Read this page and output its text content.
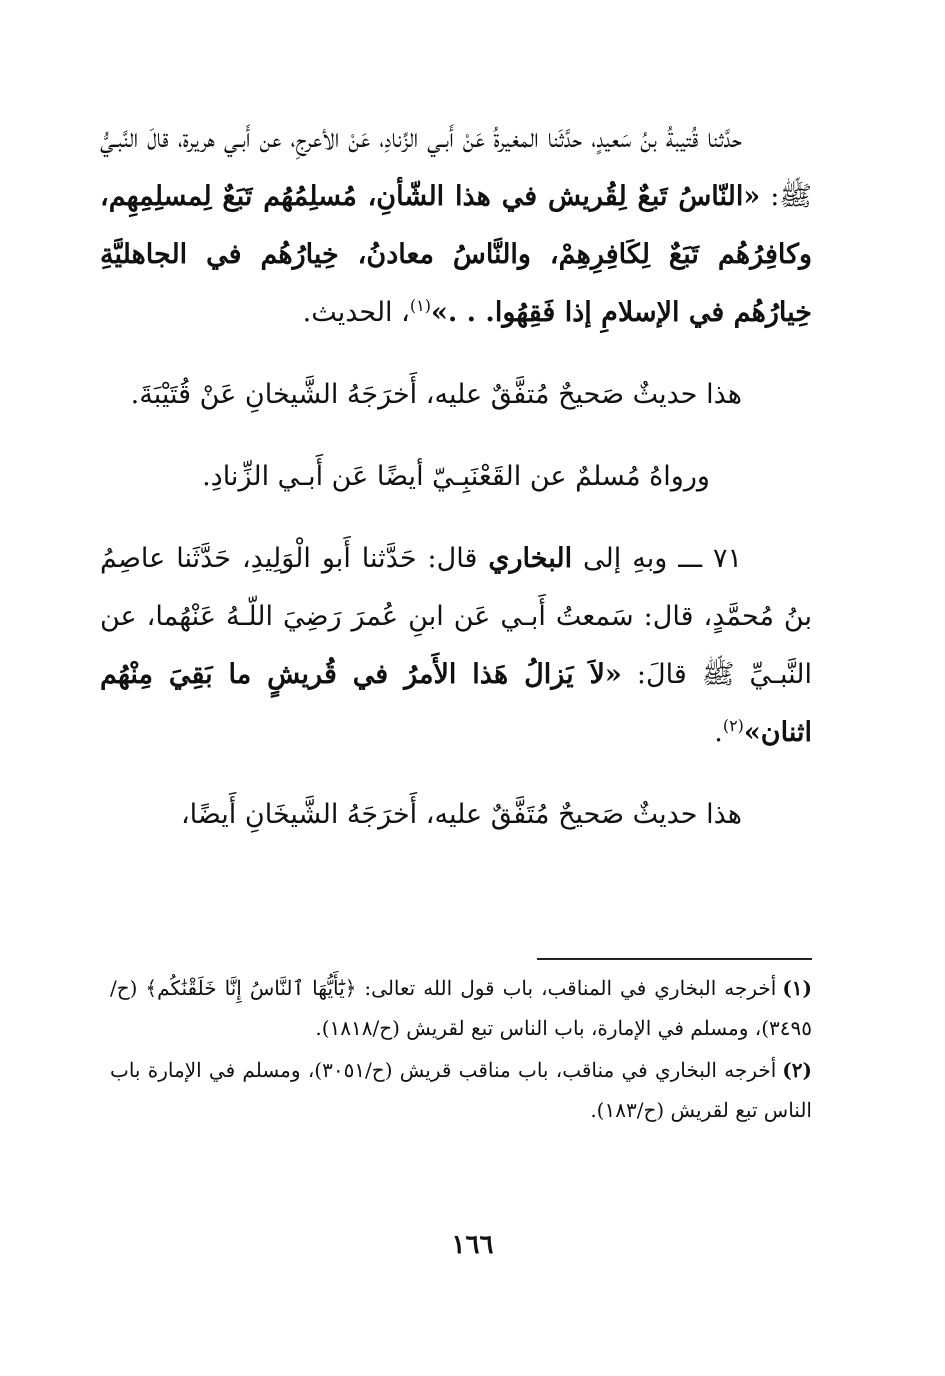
حدَّثنا قُتيبةُ بنُ سَعيدٍ، حدَّثَنا المغيرةُ عَنْ أَبـي الزِّنادِ، عَنْ الأعرجِ، عن أَبـي هريرة، قالَ النَّبـيُّ ﷺ: «النّاسُ تَبعٌ لِقُريش في هذا الشّأنِ، مُسلِمُهُم تَبَعٌ لِمسلِمِهِم، وكافِرُهُم تَبَعٌ لِكَافِرِهِمْ، والنَّاسُ معادنُ، خِيارُهُم في الجاهليَّةِ خِيارُهُم في الإسلامِ إذا فَقِهُوا. . .»$^{(١)}$، الحديث.

هذا حديثٌ صَحيحٌ مُتفَّقٌ عليه، أَخرَجَهُ الشَّيخانِ عَنْ قُتَيْبَةَ.

ورواهُ مُسلمٌ عن القَعْنَبِـيّ أيضًا عَن أَبـي الزِّنادِ.

٧١ ـــ وبهِ إلى البخاري قال: حَدَّثنا أَبو الْوَلِيدِ، حَدَّثَنا عاصِمُ بنُ مُحمَّدٍ، قال: سَمعتُ أَبـي عَن ابنِ عُمرَ رَضِيَ اللّـهُ عَنْهُما، عن النَّبـيِّ ﷺ قالَ: «لاَ يَزالُ هَذا الأَمرُ في قُريشٍ ما بَقِيَ مِنْهُم اثنان»$^{(٢)}$.

هذا حديثٌ صَحيحٌ مُتَفَّقٌ عليه، أَخرَجَهُ الشَّيخَانِ أَيضًا،

(١)أخرجه البخاري في المناقب، باب قول الله تعالى: ﴿يَٰٓأَيُّهَا ٱلنَّاسُ إِنَّا خَلَقْنَٰكُم﴾ (ح/٣٤٩٥)، ومسلم في الإمارة، باب الناس تبع لقريش (ح/١٨١٨).

(٢)أخرجه البخاري في مناقب، باب مناقب قريش (ح/٣٠٥١)، ومسلم في الإمارة باب الناس تبع لقريش (ح/١٨٣).

١٦٦
